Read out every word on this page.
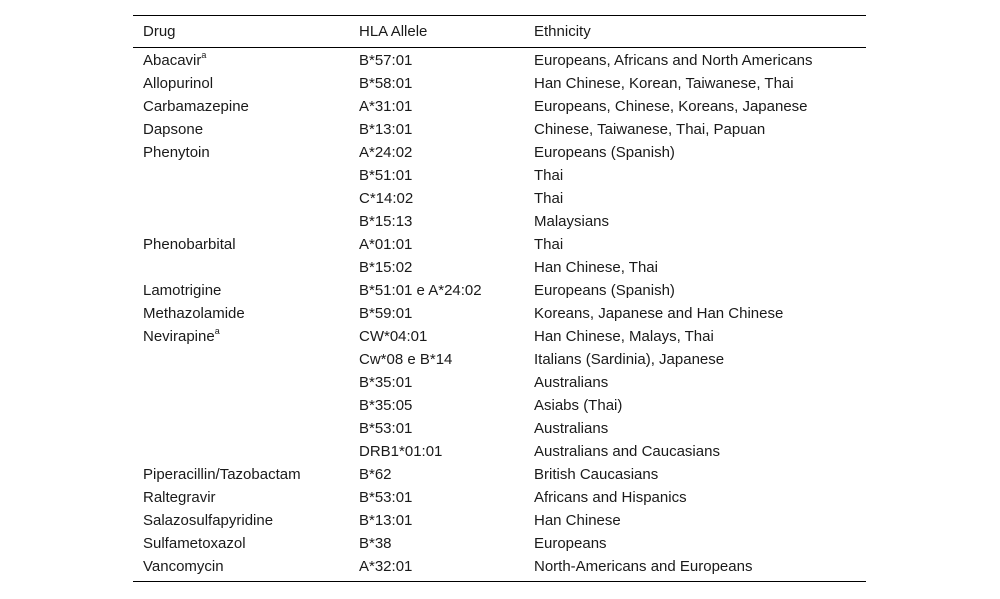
Drug	HLA Allele	Ethnicity
Abacavir$^a$	B*57:01	Europeans, Africans and North Americans
Allopurinol	B*58:01	Han Chinese, Korean, Taiwanese, Thai
Carbamazepine	A*31:01	Europeans, Chinese, Koreans, Japanese
Dapsone	B*13:01	Chinese, Taiwanese, Thai, Papuan
Phenytoin	A*24:02	Europeans (Spanish)
	B*51:01	Thai
	C*14:02	Thai
	B*15:13	Malaysians
Phenobarbital	A*01:01	Thai
	B*15:02	Han Chinese, Thai
Lamotrigine	B*51:01 e A*24:02	Europeans (Spanish)
Methazolamide	B*59:01	Koreans, Japanese and Han Chinese
Nevirapine$^a$	CW*04:01	Han Chinese, Malays, Thai
	Cw*08 e B*14	Italians (Sardinia), Japanese
	B*35:01	Australians
	B*35:05	Asiabs (Thai)
	B*53:01	Australians
	DRB1*01:01	Australians and Caucasians
Piperacillin/Tazobactam	B*62	British Caucasians
Raltegravir	B*53:01	Africans and Hispanics
Salazosulfapyridine	B*13:01	Han Chinese
Sulfametoxazol	B*38	Europeans
Vancomycin	A*32:01	North-Americans and Europeans
